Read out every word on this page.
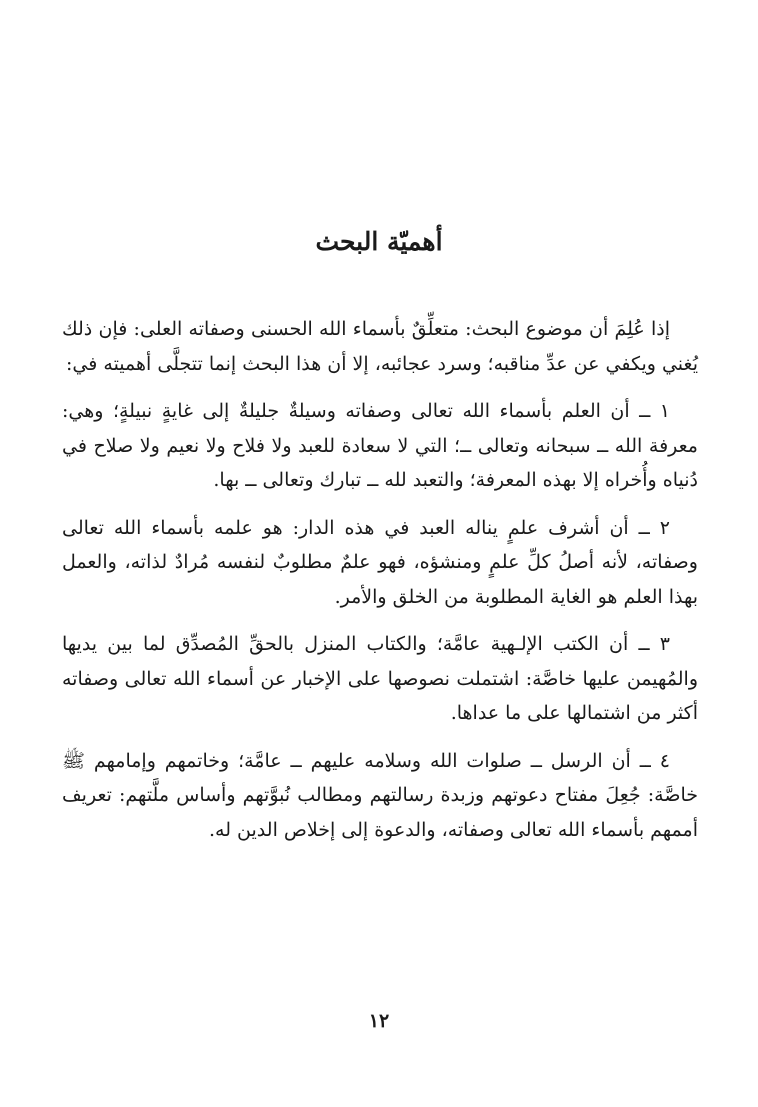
أهميّة البحث

إذا عُلِمَ أن موضوع البحث: متعلِّقٌ بأسماء الله الحسنى وصفاته العلى: فإن ذلك يُغني ويكفي عن عدِّ مناقبه؛ وسرد عجائبه، إلا أن هذا البحث إنما تتجلَّى أهميته في:

١ ــ أن العلم بأسماء الله تعالى وصفاته وسيلةٌ جليلةٌ إلى غايةٍ نبيلةٍ؛ وهي: معرفة الله ــ سبحانه وتعالى ــ؛ التي لا سعادة للعبد ولا فلاح ولا نعيم ولا صلاح في دُنياه وأُخراه إلا بهذه المعرفة؛ والتعبد لله ــ تبارك وتعالى ــ بها.

٢ ــ أن أشرف علمٍ يناله العبد في هذه الدار: هو علمه بأسماء الله تعالى وصفاته، لأنه أصلُ كلِّ علمٍ ومنشؤه، فهو علمٌ مطلوبٌ لنفسه مُرادٌ لذاته، والعمل بهذا العلم هو الغاية المطلوبة من الخلق والأمر.

٣ ــ أن الكتب الإلـهية عامَّة؛ والكتاب المنزل بالحقِّ المُصدِّق لما بين يديها والمُهيمن عليها خاصَّة: اشتملت نصوصها على الإخبار عن أسماء الله تعالى وصفاته أكثر من اشتمالها على ما عداها.

٤ ــ أن الرسل ــ صلوات الله وسلامه عليهم ــ عامَّة؛ وخاتمهم وإمامهم ﷺ خاصَّة: جُعِلَ مفتاح دعوتهم وزبدة رسالتهم ومطالب نُبوَّتهم وأساس ملَّتهم: تعريف أممهم بأسماء الله تعالى وصفاته، والدعوة إلى إخلاص الدين له.

١٢
